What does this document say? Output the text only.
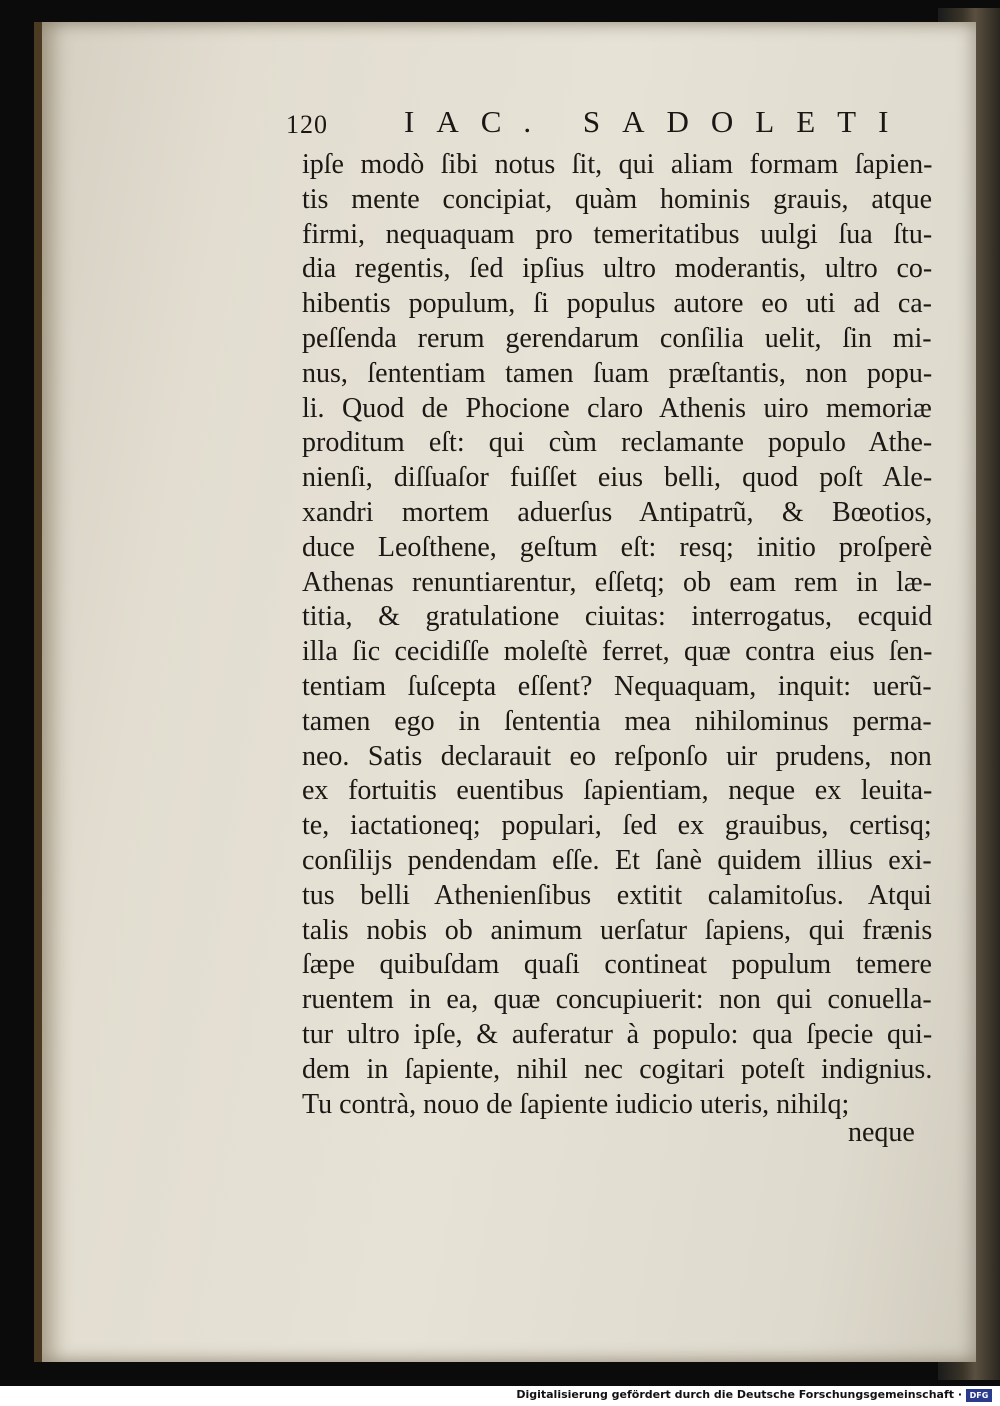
120 IAC. SADOLETI
ipſe modò ſibi notus ſit, qui aliam formam ſapien-
tis mente concipiat, quàm hominis grauis, atque
firmi, nequaquam pro temeritatibus uulgi ſua ſtu-
dia regentis, ſed ipſius ultro moderantis, ultro co-
hibentis populum, ſi populus autore eo uti ad ca-
peſſenda rerum gerendarum conſilia uelit, ſin mi-
nus, ſententiam tamen ſuam præſtantis, non popu-
li. Quod de Phocione claro Athenis uiro memoriæ
proditum eſt: qui cùm reclamante populo Athe-
nienſi, diſſuaſor fuiſſet eius belli, quod poſt Ale-
xandri mortem aduerſus Antipatrũ, & Bœotios,
duce Leoſthene, geſtum eſt: resq; initio proſperè
Athenas renuntiarentur, eſſetq; ob eam rem in læ-
titia, & gratulatione ciuitas: interrogatus, ecquid
illa ſic cecidiſſe moleſtè ferret, quæ contra eius ſen-
tentiam ſuſcepta eſſent? Nequaquam, inquit: uerũ-
tamen ego in ſententia mea nihilominus perma-
neo. Satis declarauit eo reſponſo uir prudens, non
ex fortuitis euentibus ſapientiam, neque ex leuita-
te, iactationeq; populari, ſed ex grauibus, certisq;
conſilijs pendendam eſſe. Et ſanè quidem illius exi-
tus belli Athenienſibus extitit calamitoſus. Atqui
talis nobis ob animum uerſatur ſapiens, qui frænis
ſæpe quibuſdam quaſi contineat populum temere
ruentem in ea, quæ concupiuerit: non qui conuella-
tur ultro ipſe, & auferatur à populo: qua ſpecie qui-
dem in ſapiente, nihil nec cogitari poteſt indignius.
Tu contrà, nouo de ſapiente iudicio uteris, nihilq;
neque
Digitalisierung gefördert durch die Deutsche Forschungsgemeinschaft · DFG
